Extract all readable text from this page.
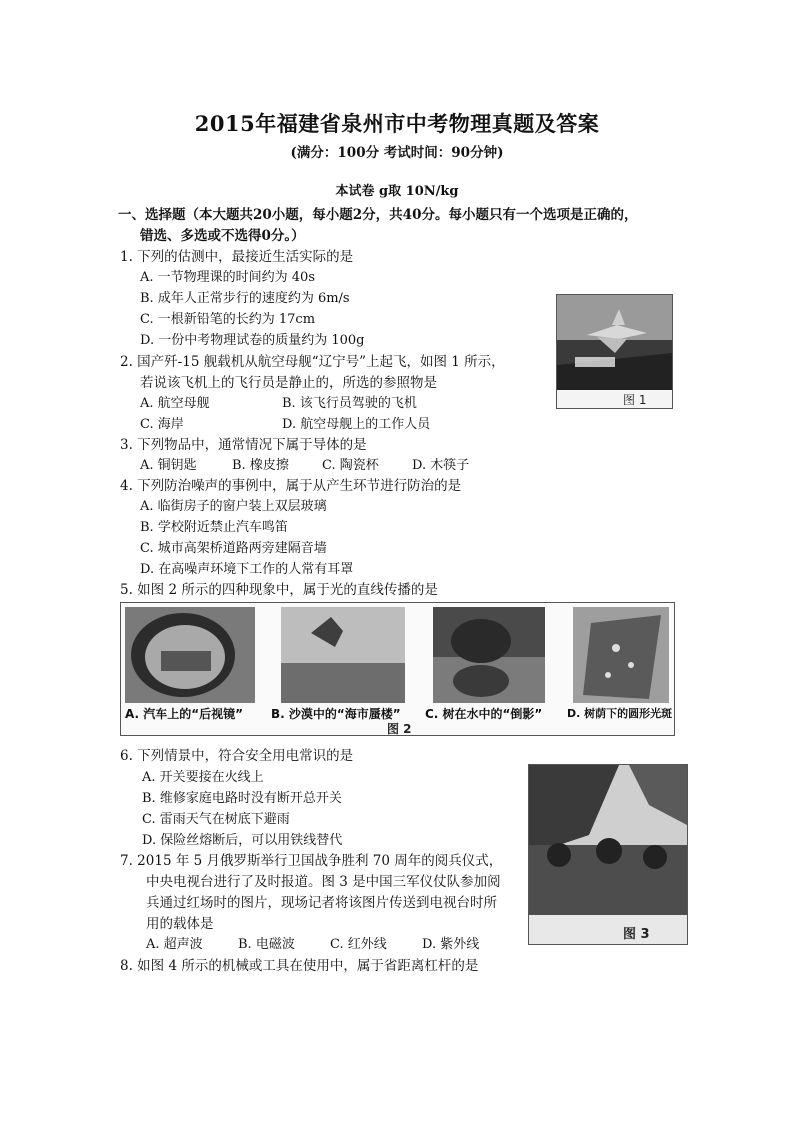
2015年福建省泉州市中考物理真题及答案
(满分：100分 考试时间：90分钟)
本试卷 g取 10N/kg
一、选择题（本大题共20小题，每小题2分，共40分。每小题只有一个选项是正确的，
错选、多选或不选得0分。）
1. 下列的估测中，最接近生活实际的是
A. 一节物理课的时间约为 40s
B. 成年人正常步行的速度约为 6m/s
C. 一根新铅笔的长约为 17cm
D. 一份中考物理试卷的质量约为 100g
图 1
2. 国产歼-15 舰载机从航空母舰“辽宁号”上起飞，如图 1 所示，
若说该飞机上的飞行员是静止的，所选的参照物是
A. 航空母舰	B. 该飞行员驾驶的飞机
C. 海岸	D. 航空母舰上的工作人员
3. 下列物品中，通常情况下属于导体的是
A. 铜钥匙	B. 橡皮擦	C. 陶瓷杯	D. 木筷子
4. 下列防治噪声的事例中，属于从产生环节进行防治的是
A. 临街房子的窗户装上双层玻璃
B. 学校附近禁止汽车鸣笛
C. 城市高架桥道路两旁建隔音墙
D. 在高噪声环境下工作的人常有耳罩
5. 如图 2 所示的四种现象中，属于光的直线传播的是
A. 汽车上的“后视镜” B. 沙漠中的“海市蜃楼” C. 树在水中的“倒影” D. 树荫下的圆形光斑
图 2
6. 下列情景中，符合安全用电常识的是
A. 开关要接在火线上
B. 维修家庭电路时没有断开总开关
C. 雷雨天气在树底下避雨
D. 保险丝熔断后，可以用铁线替代
图 3
7. 2015 年 5 月俄罗斯举行卫国战争胜利 70 周年的阅兵仪式，
中央电视台进行了及时报道。图 3 是中国三军仪仗队参加阅
兵通过红场时的图片，现场记者将该图片传送到电视台时所
用的载体是
A. 超声波	B. 电磁波	C. 红外线	D. 紫外线
8. 如图 4 所示的机械或工具在使用中，属于省距离杠杆的是
